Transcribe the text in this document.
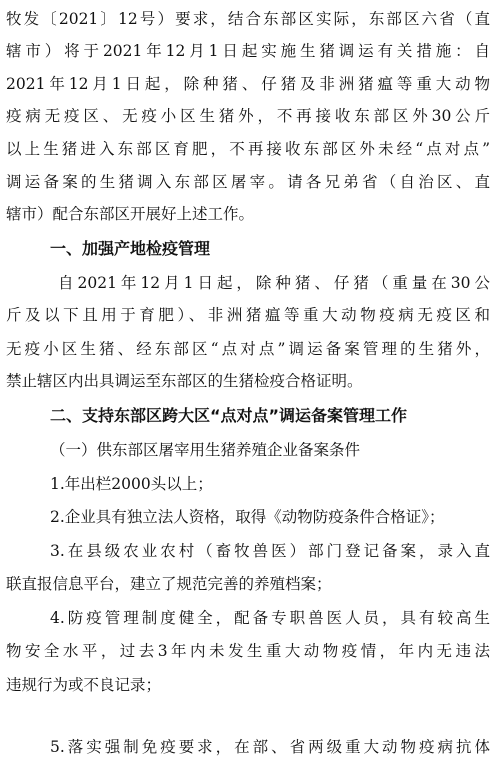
牧发〔2021〕12号）要求，结合东部区实际，东部区六省（直
辖市）将于2021年12月1日起实施生猪调运有关措施：自
2021年12月1日起，除种猪、仔猪及非洲猪瘟等重大动物
疫病无疫区、无疫小区生猪外，不再接收东部区外30公斤
以上生猪进入东部区育肥，不再接收东部区外未经“点对点”
调运备案的生猪调入东部区屠宰。请各兄弟省（自治区、直
辖市）配合东部区开展好上述工作。
一、加强产地检疫管理
自2021年12月1日起，除种猪、仔猪（重量在30公
斤及以下且用于育肥）、非洲猪瘟等重大动物疫病无疫区和
无疫小区生猪、经东部区“点对点”调运备案管理的生猪外，
禁止辖区内出具调运至东部区的生猪检疫合格证明。
二、支持东部区跨大区“点对点”调运备案管理工作
（一）供东部区屠宰用生猪养殖企业备案条件
1.年出栏2000头以上；
2.企业具有独立法人资格，取得《动物防疫条件合格证》；
3.在县级农业农村（畜牧兽医）部门登记备案，录入直
联直报信息平台，建立了规范完善的养殖档案；
4.防疫管理制度健全，配备专职兽医人员，具有较高生
物安全水平，过去3年内未发生重大动物疫情，年内无违法
违规行为或不良记录；
5.落实强制免疫要求，在部、省两级重大动物疫病抗体
